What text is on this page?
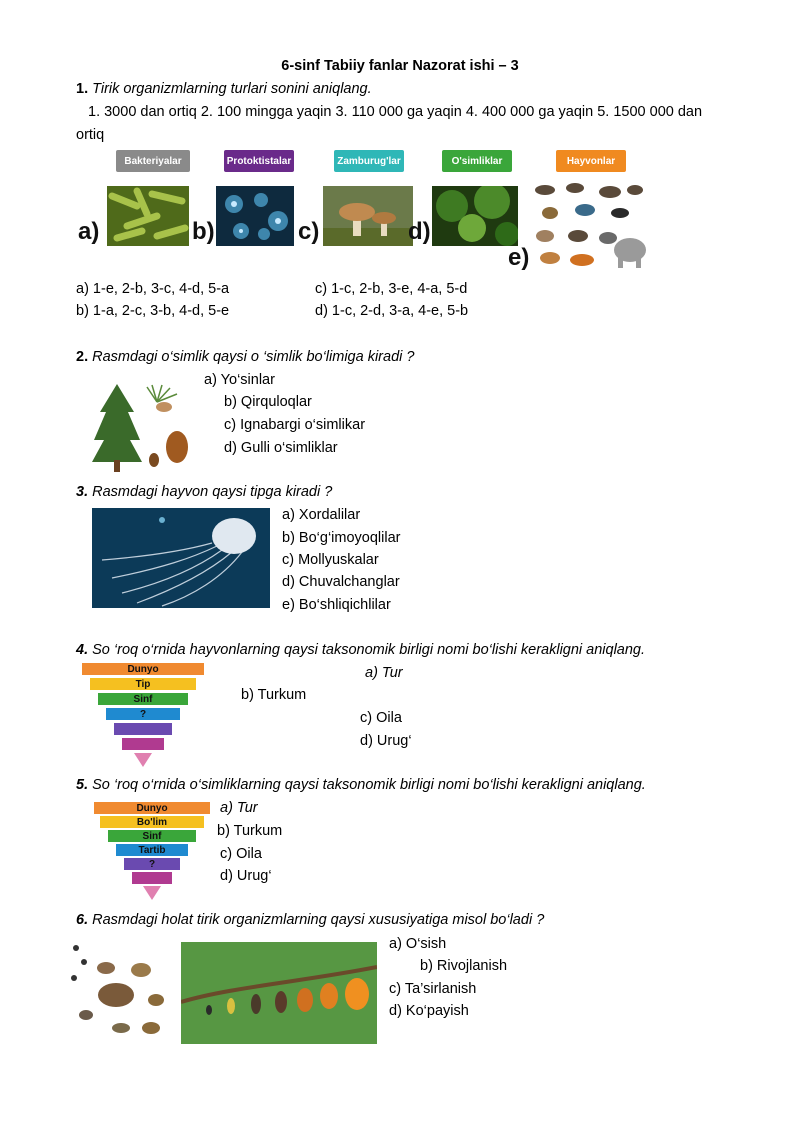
6-sinf Tabiiy fanlar Nazorat ishi – 3
1. Tirik organizmlarning turlari sonini aniqlang.
1. 3000 dan ortiq 2. 100 mingga yaqin 3. 110 000 ga yaqin 4. 400 000 ga yaqin 5. 1500 000 dan
ortiq
Bakteriyalar	Protoktistalar	Zamburug'lar	O'simliklar	Hayvonlar
a)	b)	c)	d)
e)
a) 1-e, 2-b, 3-c, 4-d, 5-a	c) 1-c, 2-b, 3-e, 4-a, 5-d
b) 1-a, 2-c, 3-b, 4-d, 5-e	d) 1-c, 2-d, 3-a, 4-e, 5-b
2. Rasmdagi o‘simlik qaysi o ‘simlik bo‘limiga kiradi ?
a) Yo‘sinlar
b) Qirquloqlar
c) Ignabargi o‘simlikar
d) Gulli o‘simliklar
3. Rasmdagi hayvon qaysi tipga kiradi ?
a) Xordalilar
b) Bo‘g‘imoyoqlilar
c) Mollyuskalar
d) Chuvalchanglar
e) Bo‘shliqichlilar
4. So ‘roq o‘rnida hayvonlarning qaysi taksonomik birligi nomi bo‘lishi kerakligni aniqlang.
Dunyo
Tip
Sinf
?
a) Tur
b) Turkum
c) Oila
d) Urug‘
5. So ‘roq o‘rnida o‘simliklarning qaysi taksonomik birligi nomi bo‘lishi kerakligni aniqlang.
Dunyo
Bo'lim
Sinf
Tartib
?
a) Tur
b) Turkum
c) Oila
d) Urug‘
6. Rasmdagi holat tirik organizmlarning qaysi xususiyatiga misol bo‘ladi ?
a) O‘sish
b) Rivojlanish
c) Ta’sirlanish
d) Ko‘payish
